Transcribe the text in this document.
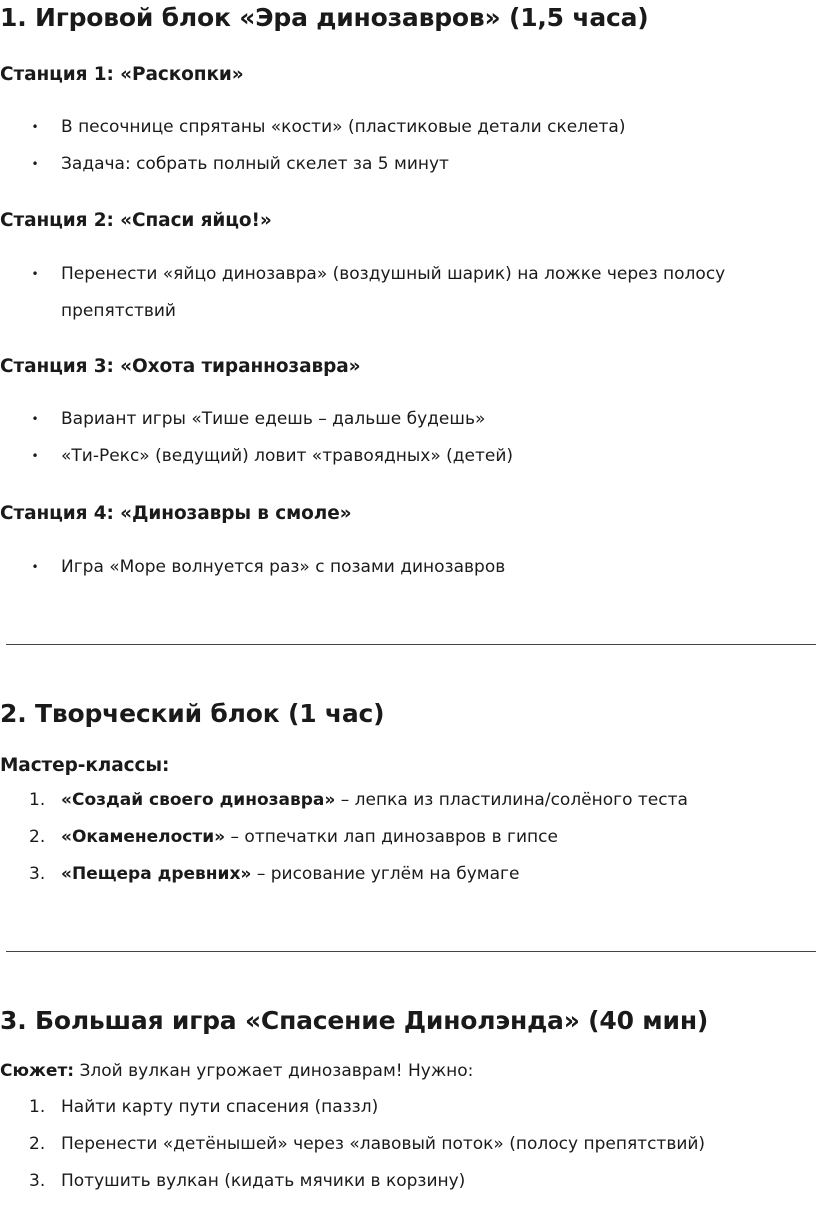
1. Игровой блок «Эра динозавров» (1,5 часа)
Станция 1: «Раскопки»
• В песочнице спрятаны «кости» (пластиковые детали скелета)
• Задача: собрать полный скелет за 5 минут
Станция 2: «Спаси яйцо!»
• Перенести «яйцо динозавра» (воздушный шарик) на ложке через полосу препятствий
Станция 3: «Охота тираннозавра»
• Вариант игры «Тише едешь – дальше будешь»
• «Ти-Рекс» (ведущий) ловит «травоядных» (детей)
Станция 4: «Динозавры в смоле»
• Игра «Море волнуется раз» с позами динозавров
2. Творческий блок (1 час)
Мастер-классы:
1. «Создай своего динозавра» – лепка из пластилина/солёного теста
2. «Окаменелости» – отпечатки лап динозавров в гипсе
3. «Пещера древних» – рисование углём на бумаге
3. Большая игра «Спасение Динолэнда» (40 мин)
Сюжет: Злой вулкан угрожает динозаврам! Нужно:
1. Найти карту пути спасения (паззл)
2. Перенести «детёнышей» через «лавовый поток» (полосу препятствий)
3. Потушить вулкан (кидать мячики в корзину)
